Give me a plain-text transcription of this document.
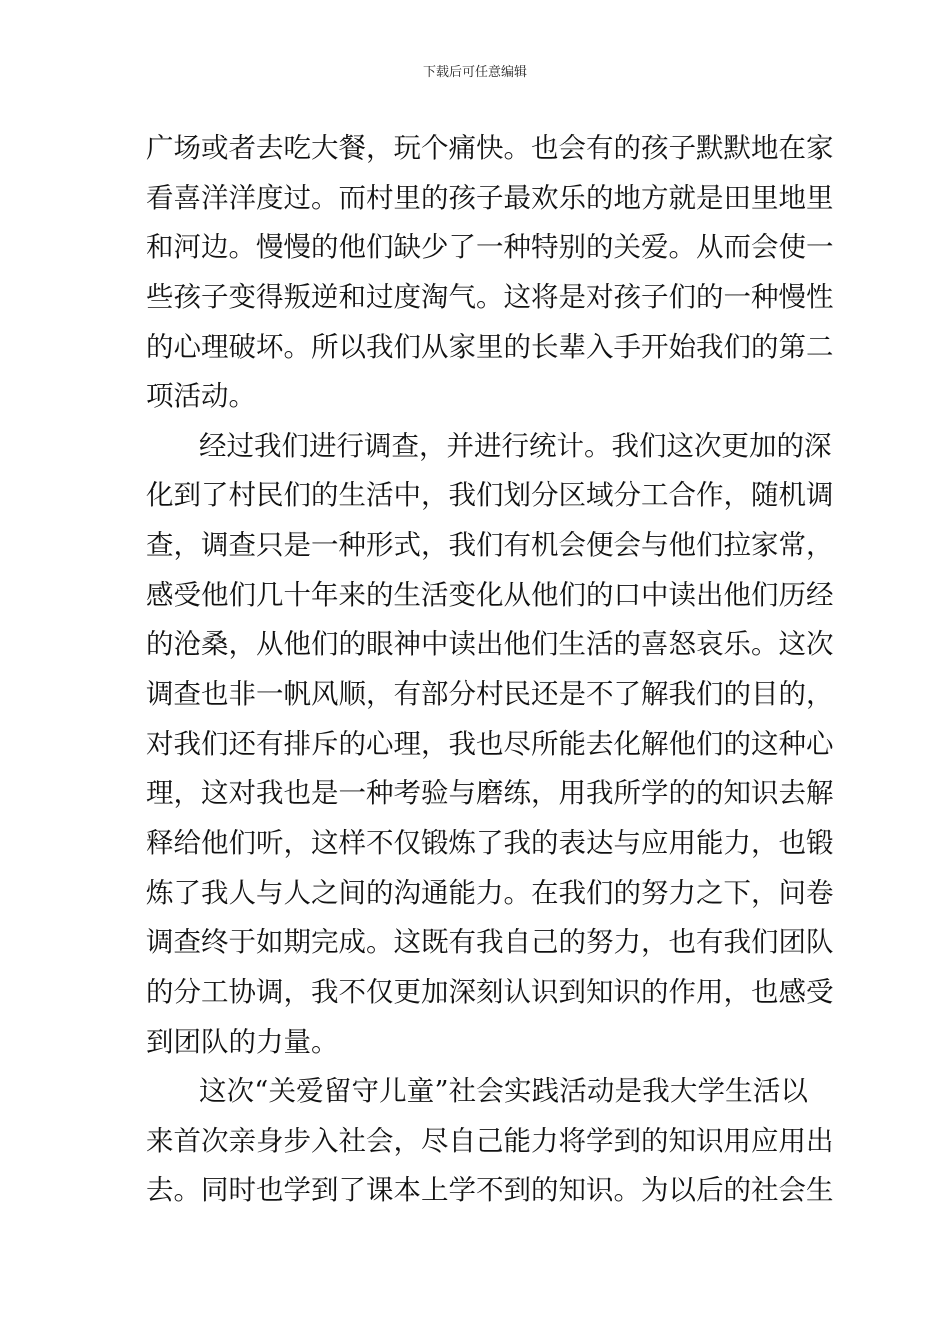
下载后可任意编辑
广场或者去吃大餐，玩个痛快。也会有的孩子默默地在家
看喜洋洋度过。而村里的孩子最欢乐的地方就是田里地里
和河边。慢慢的他们缺少了一种特别的关爱。从而会使一
些孩子变得叛逆和过度淘气。这将是对孩子们的一种慢性
的心理破坏。所以我们从家里的长辈入手开始我们的第二
项活动。
经过我们进行调查，并进行统计。我们这次更加的深
化到了村民们的生活中，我们划分区域分工合作，随机调
查，调查只是一种形式，我们有机会便会与他们拉家常，
感受他们几十年来的生活变化从他们的口中读出他们历经
的沧桑，从他们的眼神中读出他们生活的喜怒哀乐。这次
调查也非一帆风顺，有部分村民还是不了解我们的目的，
对我们还有排斥的心理，我也尽所能去化解他们的这种心
理，这对我也是一种考验与磨练，用我所学的的知识去解
释给他们听，这样不仅锻炼了我的表达与应用能力，也锻
炼了我人与人之间的沟通能力。在我们的努力之下，问卷
调查终于如期完成。这既有我自己的努力，也有我们团队
的分工协调，我不仅更加深刻认识到知识的作用，也感受
到团队的力量。
这次“关爱留守儿童”社会实践活动是我大学生活以
来首次亲身步入社会，尽自己能力将学到的知识用应用出
去。同时也学到了课本上学不到的知识。为以后的社会生
